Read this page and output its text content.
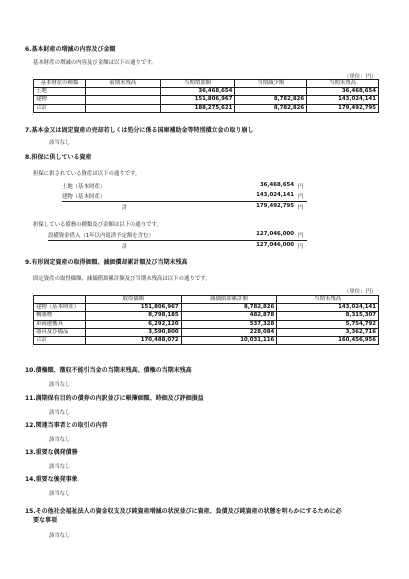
6.基本財産の増減の内容及び金額
基本財産の増減の内容及び金額は以下の通りです。
（単位：円）
基本財産の種類	前期末残高	当期増加額	当期減少額	当期末残高
土地		36,468,654		36,468,654
建物		151,806,967	8,782,826	143,024,141
合計		188,275,621	8,782,826	179,492,795
7.基本金又は固定資産の売却若しくは処分に係る国庫補助金等特別積立金の取り崩し
該当なし
8.担保に供している資産
担保に供されている資産は以下の通りです。
土地（基本財産）	36,468,654 円
建物（基本財産）	143,024,141 円
計	179,492,795 円
担保している債務の種類及び金額は以下の通りです。
設備資金借入（1年以内返済予定額を含む）	127,046,000 円
計	127,046,000 円
9.有形固定資産の取得価額、減価償却累計額及び当期末残高
固定資産の取得価額、減価償却累計額及び当期末残高は以下の通りです。
（単位：円）
	取得価額	減価償却累計額	当期末残高
建物（基本財産）	151,806,967	8,782,826	143,024,141
構築物	8,798,185	482,878	8,315,307
車両運搬具	6,292,120	537,328	5,754,792
器具及び備品	3,590,800	228,084	3,362,716
合計	170,488,072	10,031,116	160,456,956
10.債権額、徴収不能引当金の当期末残高、債権の当期末残高
該当なし
11.満期保有目的の債券の内訳並びに帳簿価額、時価及び評価損益
該当なし
12.関連当事者との取引の内容
該当なし
13.重要な偶発債務
該当なし
14.重要な後発事象
該当なし
15.その他社会福祉法人の資金収支及び純資産増減の状況並びに資産、負債及び純資産の状態を明らかにするために必
要な事項
該当なし
